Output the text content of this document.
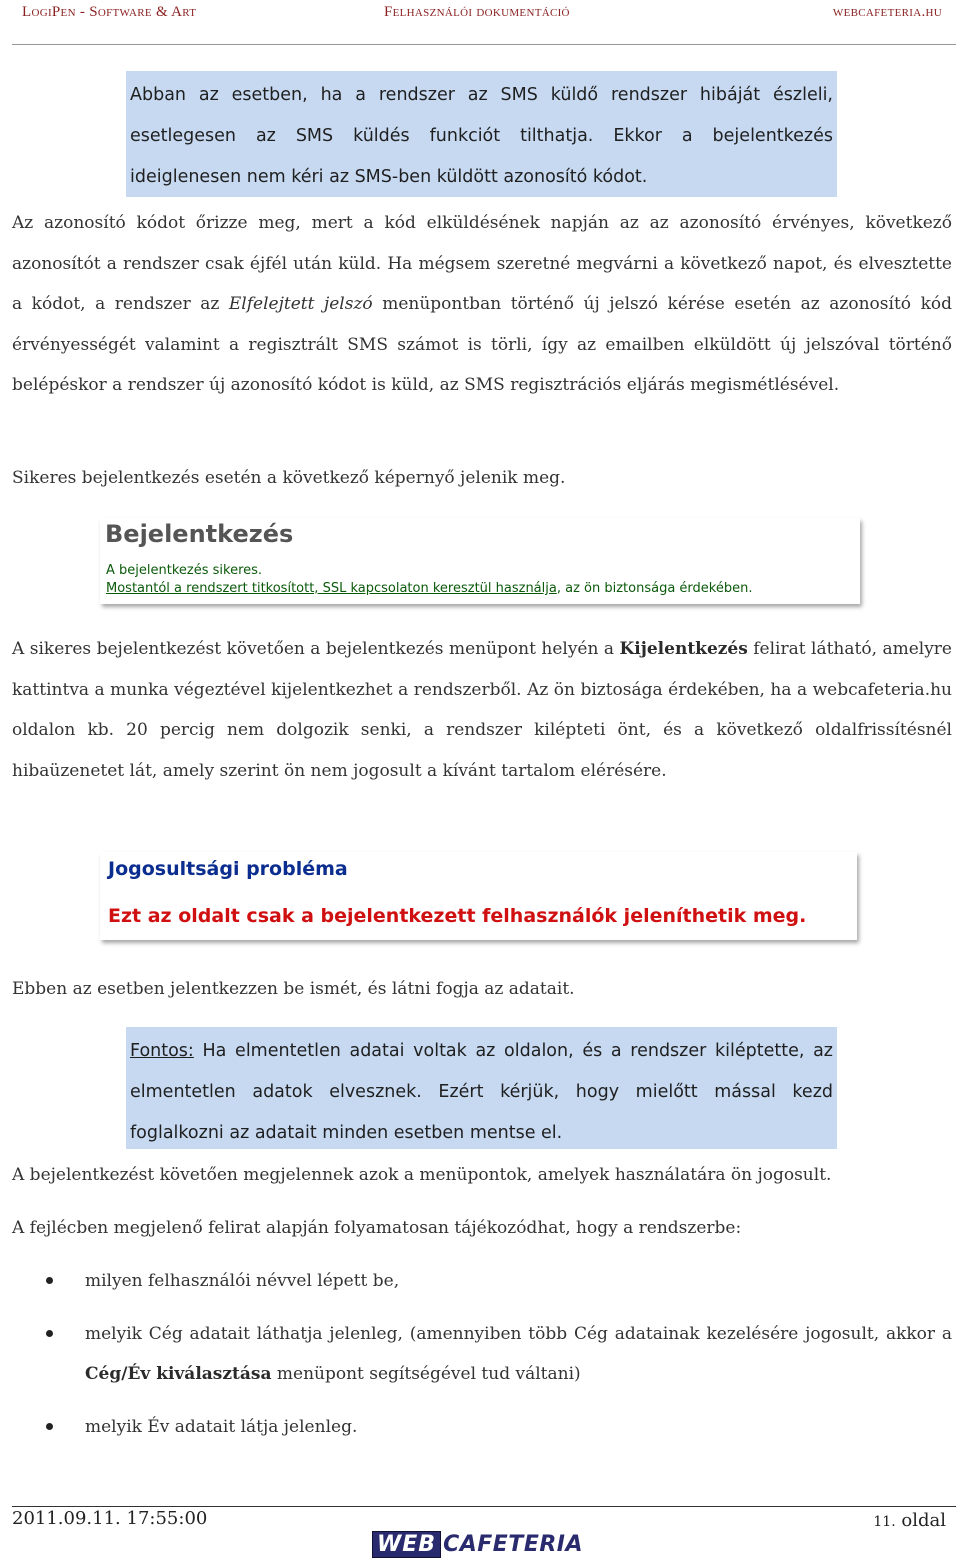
LogiPen - Software & Art	Felhasználói dokumentáció	webcafeteria.hu

Abban az esetben, ha a rendszer az SMS küldő rendszer hibáját észleli, esetlegesen az SMS küldés funkciót tilthatja. Ekkor a bejelentkezés ideiglenesen nem kéri az SMS-ben küldött azonosító kódot.

Az azonosító kódot őrizze meg, mert a kód elküldésének napján az az azonosító érvényes, következő azonosítót a rendszer csak éjfél után küld. Ha mégsem szeretné megvárni a következő napot, és elvesztette a kódot, a rendszer az Elfelejtett jelszó menüpontban történő új jelszó kérése esetén az azonosító kód érvényességét valamint a regisztrált SMS számot is törli, így az emailben elküldött új jelszóval történő belépéskor a rendszer új azonosító kódot is küld, az SMS regisztrációs eljárás megismétlésével.

Sikeres bejelentkezés esetén a következő képernyő jelenik meg.

Bejelentkezés
A bejelentkezés sikeres.
Mostantól a rendszert titkosított, SSL kapcsolaton keresztül használja, az ön biztonsága érdekében.

A sikeres bejelentkezést követően a bejelentkezés menüpont helyén a Kijelentkezés felirat látható, amelyre kattintva a munka végeztével kijelentkezhet a rendszerből. Az ön biztosága érdekében, ha a webcafeteria.hu oldalon kb. 20 percig nem dolgozik senki, a rendszer kilépteti önt, és a következő oldalfrissítésnél hibaüzenetet lát, amely szerint ön nem jogosult a kívánt tartalom elérésére.

Jogosultsági probléma
Ezt az oldalt csak a bejelentkezett felhasználók jeleníthetik meg.

Ebben az esetben jelentkezzen be ismét, és látni fogja az adatait.

Fontos: Ha elmentetlen adatai voltak az oldalon, és a rendszer kiléptette, az elmentetlen adatok elvesznek. Ezért kérjük, hogy mielőtt mással kezd foglalkozni az adatait minden esetben mentse el.

A bejelentkezést követően megjelennek azok a menüpontok, amelyek használatára ön jogosult.

A fejlécben megjelenő felirat alapján folyamatosan tájékozódhat, hogy a rendszerbe:

milyen felhasználói névvel lépett be,
melyik Cég adatait láthatja jelenleg, (amennyiben több Cég adatainak kezelésére jogosult, akkor a Cég/Év kiválasztása menüpont segítségével tud váltani)
melyik Év adatait látja jelenleg.
2011.09.11. 17:55:00	11. oldal
WEB CAFETERIA
